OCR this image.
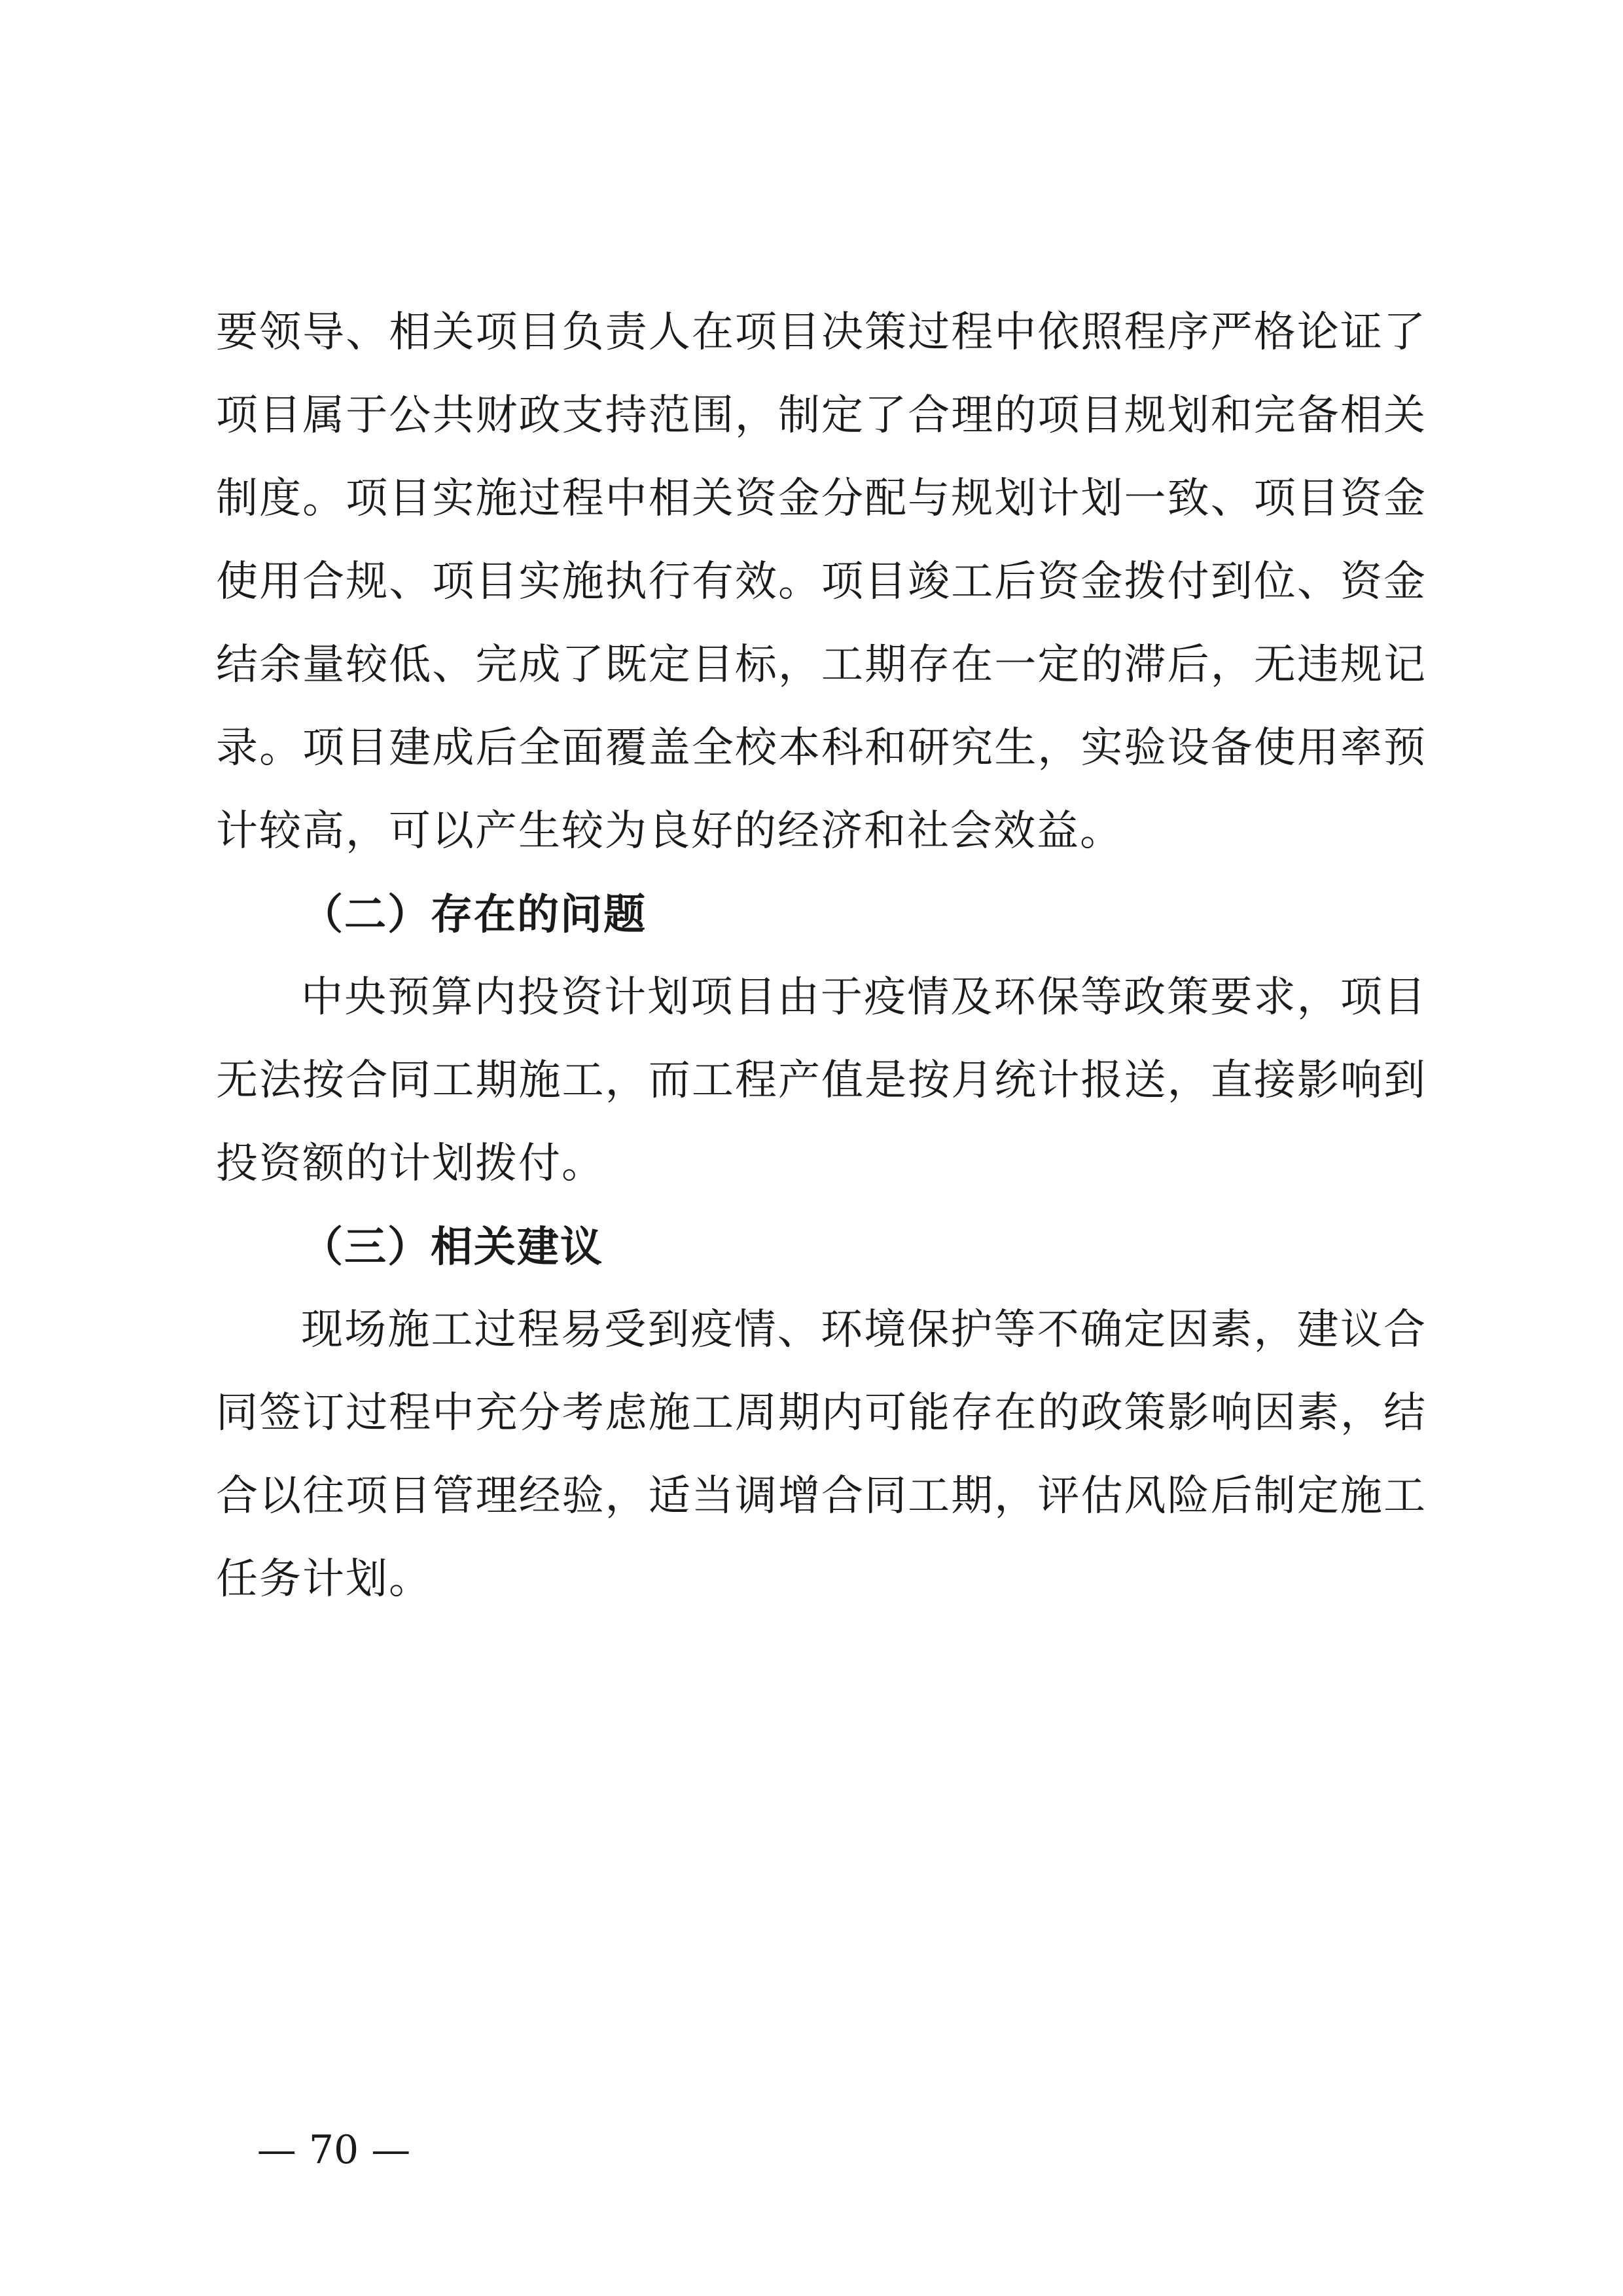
要领导、相关项目负责人在项目决策过程中依照程序严格论证了
项目属于公共财政支持范围，制定了合理的项目规划和完备相关
制度。项目实施过程中相关资金分配与规划计划一致、项目资金
使用合规、项目实施执行有效。项目竣工后资金拨付到位、资金
结余量较低、完成了既定目标，工期存在一定的滞后，无违规记
录。项目建成后全面覆盖全校本科和研究生，实验设备使用率预
计较高，可以产生较为良好的经济和社会效益。
（二）存在的问题
中央预算内投资计划项目由于疫情及环保等政策要求，项目
无法按合同工期施工，而工程产值是按月统计报送，直接影响到
投资额的计划拨付。
（三）相关建议
现场施工过程易受到疫情、环境保护等不确定因素，建议合
同签订过程中充分考虑施工周期内可能存在的政策影响因素，结
合以往项目管理经验，适当调增合同工期，评估风险后制定施工
任务计划。
— 70 —
